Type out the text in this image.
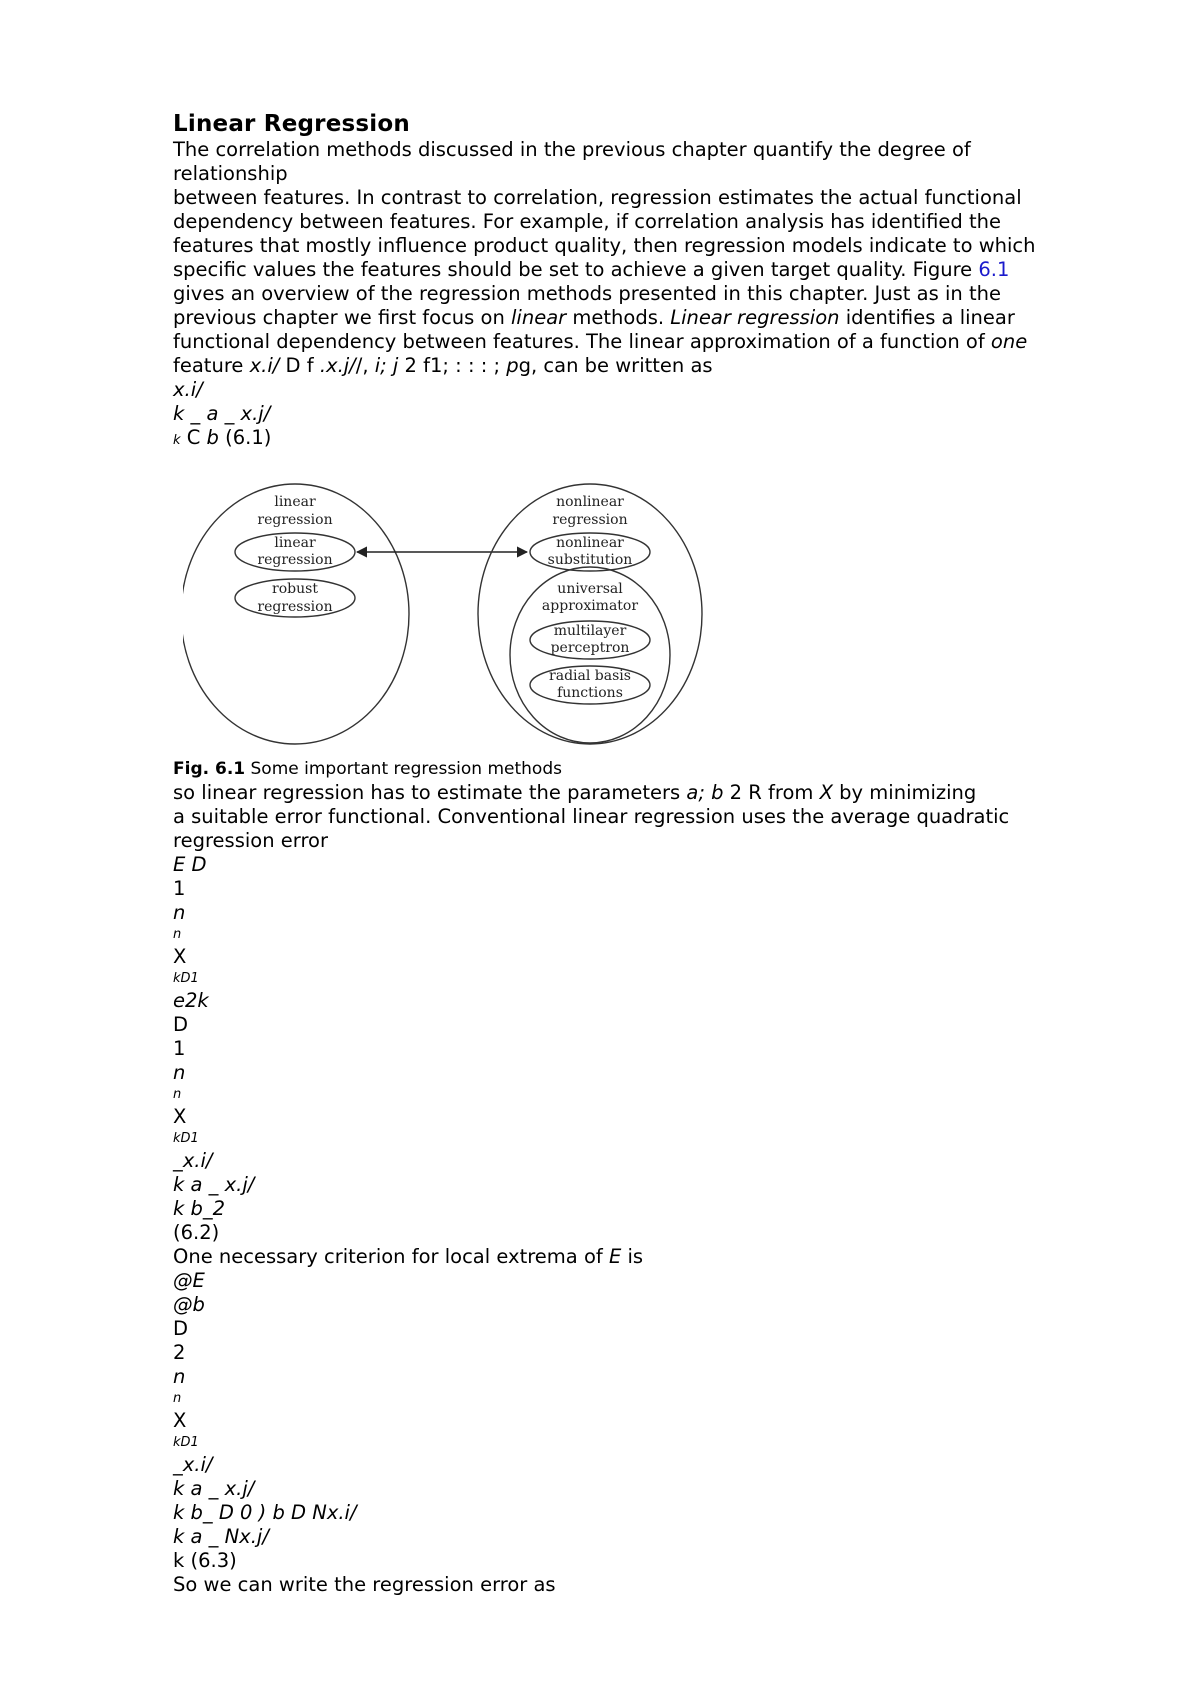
Linear Regression
The correlation methods discussed in the previous chapter quantify the degree of
relationship
between features. In contrast to correlation, regression estimates the actual functional
dependency between features. For example, if correlation analysis has identified the
features that mostly influence product quality, then regression models indicate to which
specific values the features should be set to achieve a given target quality. Figure 6.1
gives an overview of the regression methods presented in this chapter. Just as in the
previous chapter we first focus on linear methods. Linear regression identifies a linear
functional dependency between features. The linear approximation of a function of one
feature x.i/ D f .x.j//, i; j 2 f1; : : : ; pg, can be written as
x.i/
k _ a _ x.j/
k C b (6.1)
linear
regression
linear
regression
robust
regression
nonlinear
regression
nonlinear
substitution
universal
approximator
multilayer
perceptron
radial basis
functions
Fig. 6.1 Some important regression methods
so linear regression has to estimate the parameters a; b 2 R from X by minimizing
a suitable error functional. Conventional linear regression uses the average quadratic
regression error
E D
1
n
n
X
kD1
e2k
D
1
n
n
X
kD1
_x.i/
k a _ x.j/
k b_2
(6.2)
One necessary criterion for local extrema of E is
@E
@b
D
2
n
n
X
kD1
_x.i/
k a _ x.j/
k b_ D 0 ) b D Nx.i/
k a _ Nx.j/
k (6.3)
So we can write the regression error as
